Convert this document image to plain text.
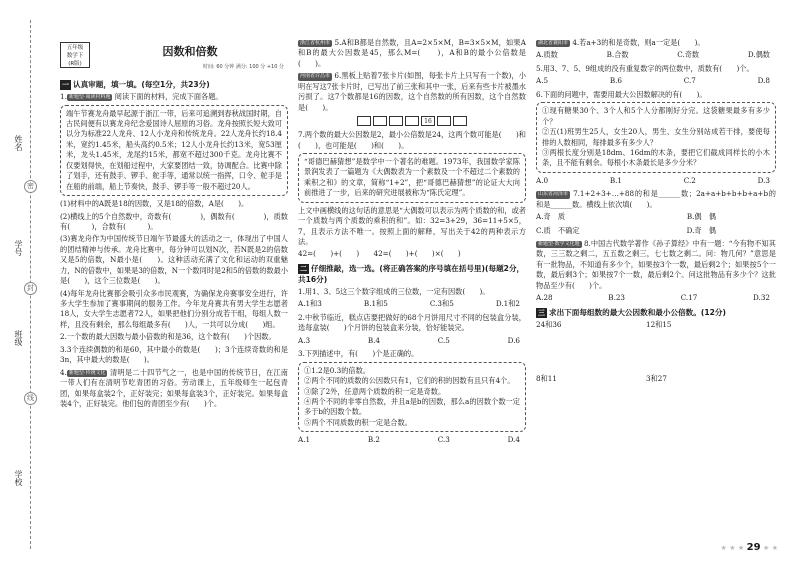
姓名
学号
班级
学校
密
封
线
五年级
数学下
(R版)
因数和倍数
时间: 60 分钟 满分: 100 分 +10 分
一 认真审题，填一填。(每空1分，共23分)
1. 新题型·阅读材料题 阅读下面的材料，完成下面各题。
端午节赛龙舟最早起源于浙江一带，后来可追溯到春秋战国时期，自古民间便有以赛龙舟纪念爱国诗人屈原的习俗。龙舟按照长短大致可以分为标准22人龙舟、12人小龙舟和传统龙舟。22人龙舟长约18.4米，宽约1.45米，船头高约0.5米；12人小龙舟长约13米，宽53厘米，龙头1.45米，龙尾约15米，都宽不超过300千克。龙舟比赛不仅要划得快，在划船过程中，大家要团结一致，协调配合。比赛中除了划手，还有鼓手、锣手、舵手等，通常以统一指挥，口令、舵手是在船的前端，船上节奏快，鼓手、锣手等一般不超过20人。
(1)材料中的A既是18的因数，又是18的倍数，A是(　　)。
(2)横线上的5个自然数中，奇数有(　　　　)，偶数有(　　　　)，质数有(　　　)，合数有(　　　)。
(3)赛龙舟作为中国传统节日端午节最盛大的活动之一，体现出了中国人的团结精神与传承。龙舟比赛中，每分钟可以划N次，若N既是2的倍数又是5的倍数，N最小是(　　)。这种活动充满了文化和运动的双重魅力，N的倍数中，如果是3的倍数，N一个数同时是2和5的倍数的数最小是(　　)，这个三位数是(　　)。
(4)每年龙舟比赛都会吸引众多市民观赛，为确保龙舟赛事安全进行，许多大学生参加了赛事期间的服务工作。今年龙舟赛共有男大学生志愿者18人，女大学生志愿者72人，如果把他们分别分成若干组，每组人数一样，且没有剩余，那么每组最多有(　　)人，一共可以分成(　　)组。
2.一个数的最大因数与最小倍数的和是36，这个数有(　　)个因数。
3.3个连续偶数的和是60，其中最小的数是(　　)；3个连续奇数的和是3n，其中最大的数是(　　)。
4. 新题型·传统文化 清明是二十四节气之一，也是中国的传统节日，在江南一带人们有在清明节吃青团的习俗。劳动课上，五年级师生一起包青团，如果每盒装2个，正好装完；如果每盒装3个，正好装完。如果每盒装4个，正好装完。他们包的青团至少有(　　)个。
浙江省杭州市 5.A和B都是自然数，且A=2×5×M，B=3×5×M，如果A和B的最大公因数是45，那么M=(　　)，A和B的最小公倍数是(　　)。
河南省许昌市 6.黑板上贴着7张卡片(如图，每张卡片上只写有一个数)，小明在写这7张卡片时，已写出了前三张和其中一张，后来有些卡片被墨水污损了。这7个数都是16的因数，这个自然数的所有因数，这个自然数是(　　)。
16
7.两个数的最大公因数是2，最小公倍数是24，这两个数可能是(　　)和(　　)，也可能是(　　)和(　　)。
“哥德巴赫猜想”是数学中一个著名的难题。1973年，我国数学家陈景润发表了一篇题为《大偶数表为一个素数及一个不超过二个素数的乘积之和》的文章，简称“1+2”，把“哥德巴赫猜想”的论证大大向前推进了一步，后来的研究进展被称为“陈氏定理”。
上文中画横线的这句话的意思是“大偶数可以表示为两个质数的和，或者一个质数与两个质数的乘积的和”。如：32=3+29，36=11+5×5，7，且表示方法不唯一。按照上面的解释，写出关于42的两种表示方法。
42=(　　)+(　　)　　42=(　　)+(　　)×(　　)
二 仔细推敲，选一选。(将正确答案的序号填在括号里)(每题2分，共16分)
1.用1、3、5这三个数字组成的三位数，一定有因数(　　)。
A.1和3	B.1和5	C.3和5	D.1和2
2.中秋节临近，糕点店要把做好的68个月饼用尺寸不同的包装盒分装，选每盒装(　　)个月饼的包装盒来分装，恰好能装完。
A.3	B.4	C.5	D.6
3.下列描述中，有(　　)个是正确的。
①1.2是0.3的倍数。
②两个不同的质数的公因数只有1，它们的积的因数有且只有4个。
③除了2外，任意两个质数的积一定是奇数。
④两个不同的非零自然数，并且a是b的因数，那么a的因数个数一定多于b的因数个数。
⑤两个不同质数的积一定是合数。
A.1	B.2	C.3	D.4
湖北省襄阳市 4.若a+3的和是奇数，则a一定是(　　)。
A.质数	B.合数	C.奇数	D.偶数
5.用3、7、5、9组成的没有重复数字的两位数中，质数有(　　)个。
A.5	B.6	C.7	D.8
6.下面的问题中，需要用最大公因数解决的有(　　)。
①现有糖果30个、3个人和5个人分都刚好分完。这袋糖果最多有多少个？
②五(1)班男生25人，女生20人，男生、女生分别站成若干排，要使每排的人数相同，每排最多有多少人？
③两根长度分别是18dm、16dm的木条，要把它们截成同样长的小木条，且不能有剩余。每根小木条最长是多少分米？
A.0	B.1	C.2	D.3
山东省菏泽市 7.1+2+3+…+88的和是______数；2a+a+b+b+b+a+b的和是______数。横线上依次填(　　)。
A.奇　质	B.偶　偶
C.质　不确定	D.奇　偶
新题型·数学文化题 8.中国古代数学著作《孙子算经》中有一题：“今有物不知其数，三三数之剩二，五五数之剩三，七七数之剩二。问：物几何？”意思是有一批物品，不知道有多少个，如果按3个一数，最后剩2个；如果按5个一数，最后剩3个；如果按7个一数，最后剩2个。问这批物品有多少个？这批物品至少有(　　)个。
A.28	B.23	C.17	D.32
三 求出下面每组数的最大公因数和最小公倍数。(12分)
24和36	12和15
8和11	3和27
★ ★ ★ 29 ★ ★
